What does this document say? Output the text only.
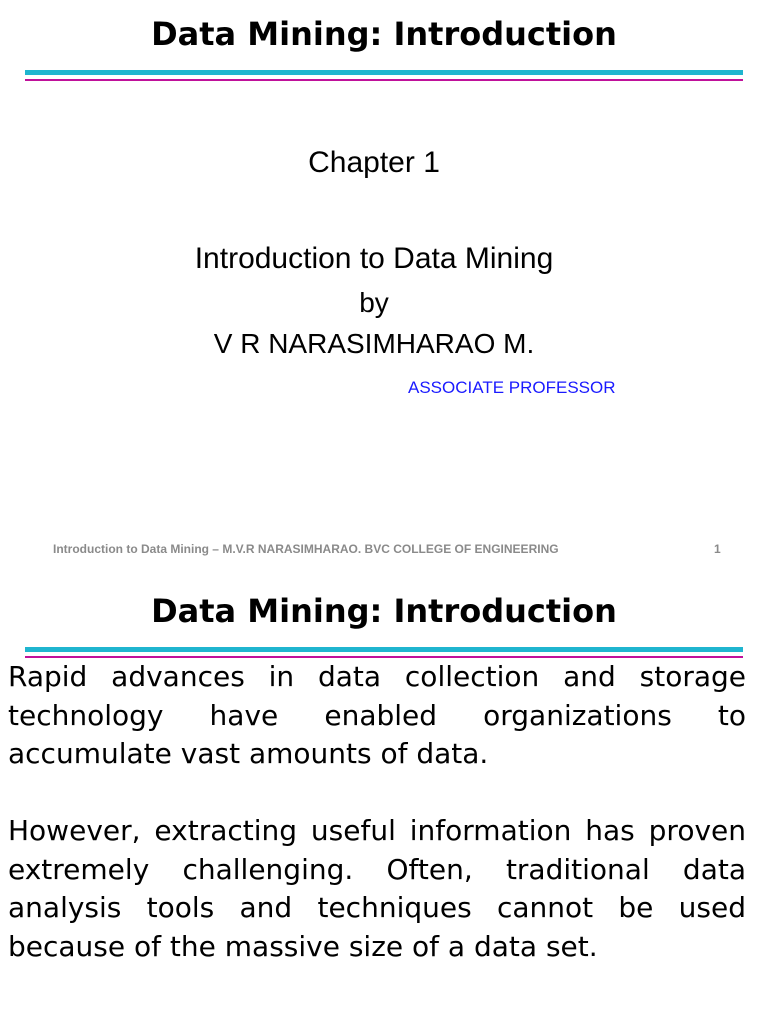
Data Mining: Introduction
Chapter 1
Introduction to Data Mining
by
V R NARASIMHARAO M.
ASSOCIATE PROFESSOR
Introduction to Data Mining – M.V.R NARASIMHARAO. BVC COLLEGE OF ENGINEERING	1
Data Mining: Introduction

Rapid advances in data collection and storage technology have enabled organizations to accumulate vast amounts of data.

However, extracting useful information has proven extremely challenging. Often, traditional data analysis tools and techniques cannot be used because of the massive size of a data set.
